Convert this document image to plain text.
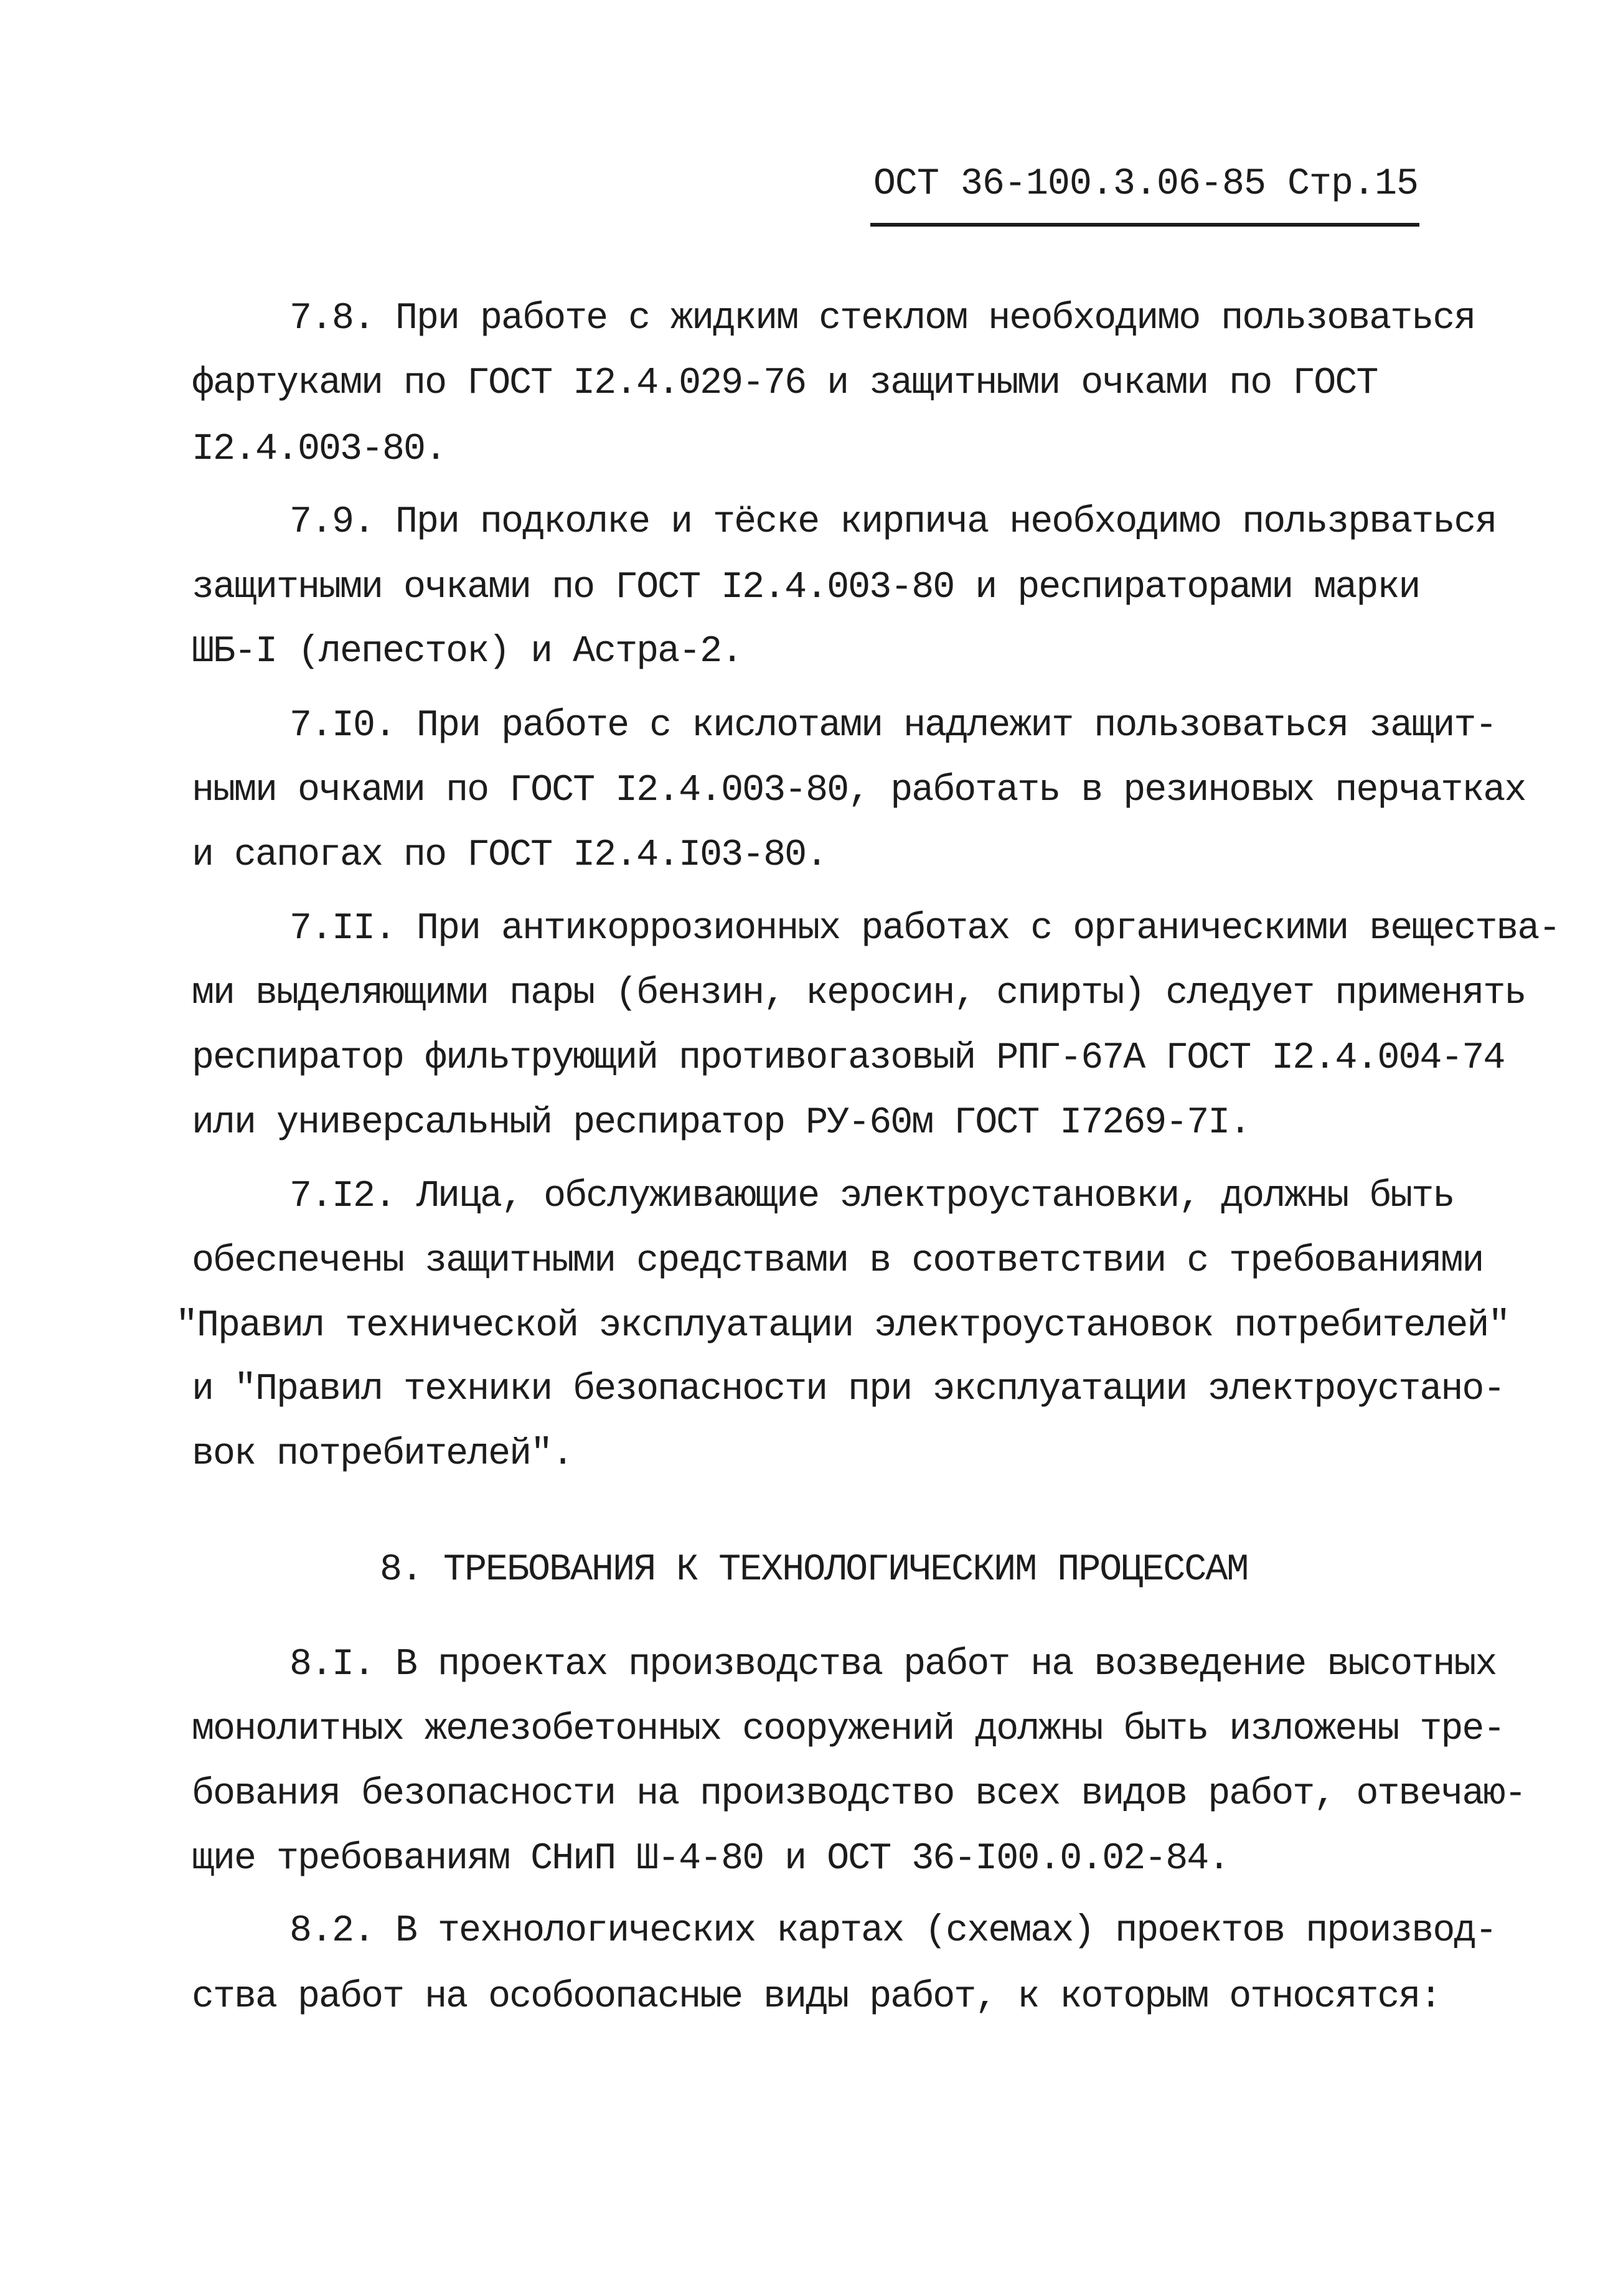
ОСТ 36-100.3.06-85 Стр.15
7.8. При работе с жидким стеклом необходимо пользоваться
фартуками по ГОСТ I2.4.029-76 и защитными очками по ГОСТ
I2.4.003-80.
7.9. При подколке и тёске кирпича необходимо пользрваться
защитными очками по ГОСТ I2.4.003-80 и респираторами марки
ШБ-I (лепесток) и Астра-2.
7.I0. При работе с кислотами надлежит пользоваться защит-
ными очками по ГОСТ I2.4.003-80, работать в резиновых перчатках
и сапогах по ГОСТ I2.4.I03-80.
7.II. При антикоррозионных работах с органическими вещества-
ми выделяющими пары (бензин, керосин, спирты) следует применять
респиратор фильтрующий противогазовый РПГ-67А ГОСТ I2.4.004-74
или универсальный респиратор РУ-60м ГОСТ I7269-7I.
7.I2. Лица, обслуживающие электроустановки, должны быть
обеспечены защитными средствами в соответствии с требованиями
"Правил технической эксплуатации электроустановок потребителей"
и "Правил техники безопасности при эксплуатации электроустано-
вок потребителей".
8. ТРЕБОВАНИЯ К ТЕХНОЛОГИЧЕСКИМ ПРОЦЕССАМ
8.I. В проектах производства работ на возведение высотных
монолитных железобетонных сооружений должны быть изложены тре-
бования безопасности на производство всех видов работ, отвечаю-
щие требованиям СНиП Ш-4-80 и ОСТ 36-I00.0.02-84.
8.2. В технологических картах (схемах) проектов производ-
ства работ на особоопасные виды работ, к которым относятся:
